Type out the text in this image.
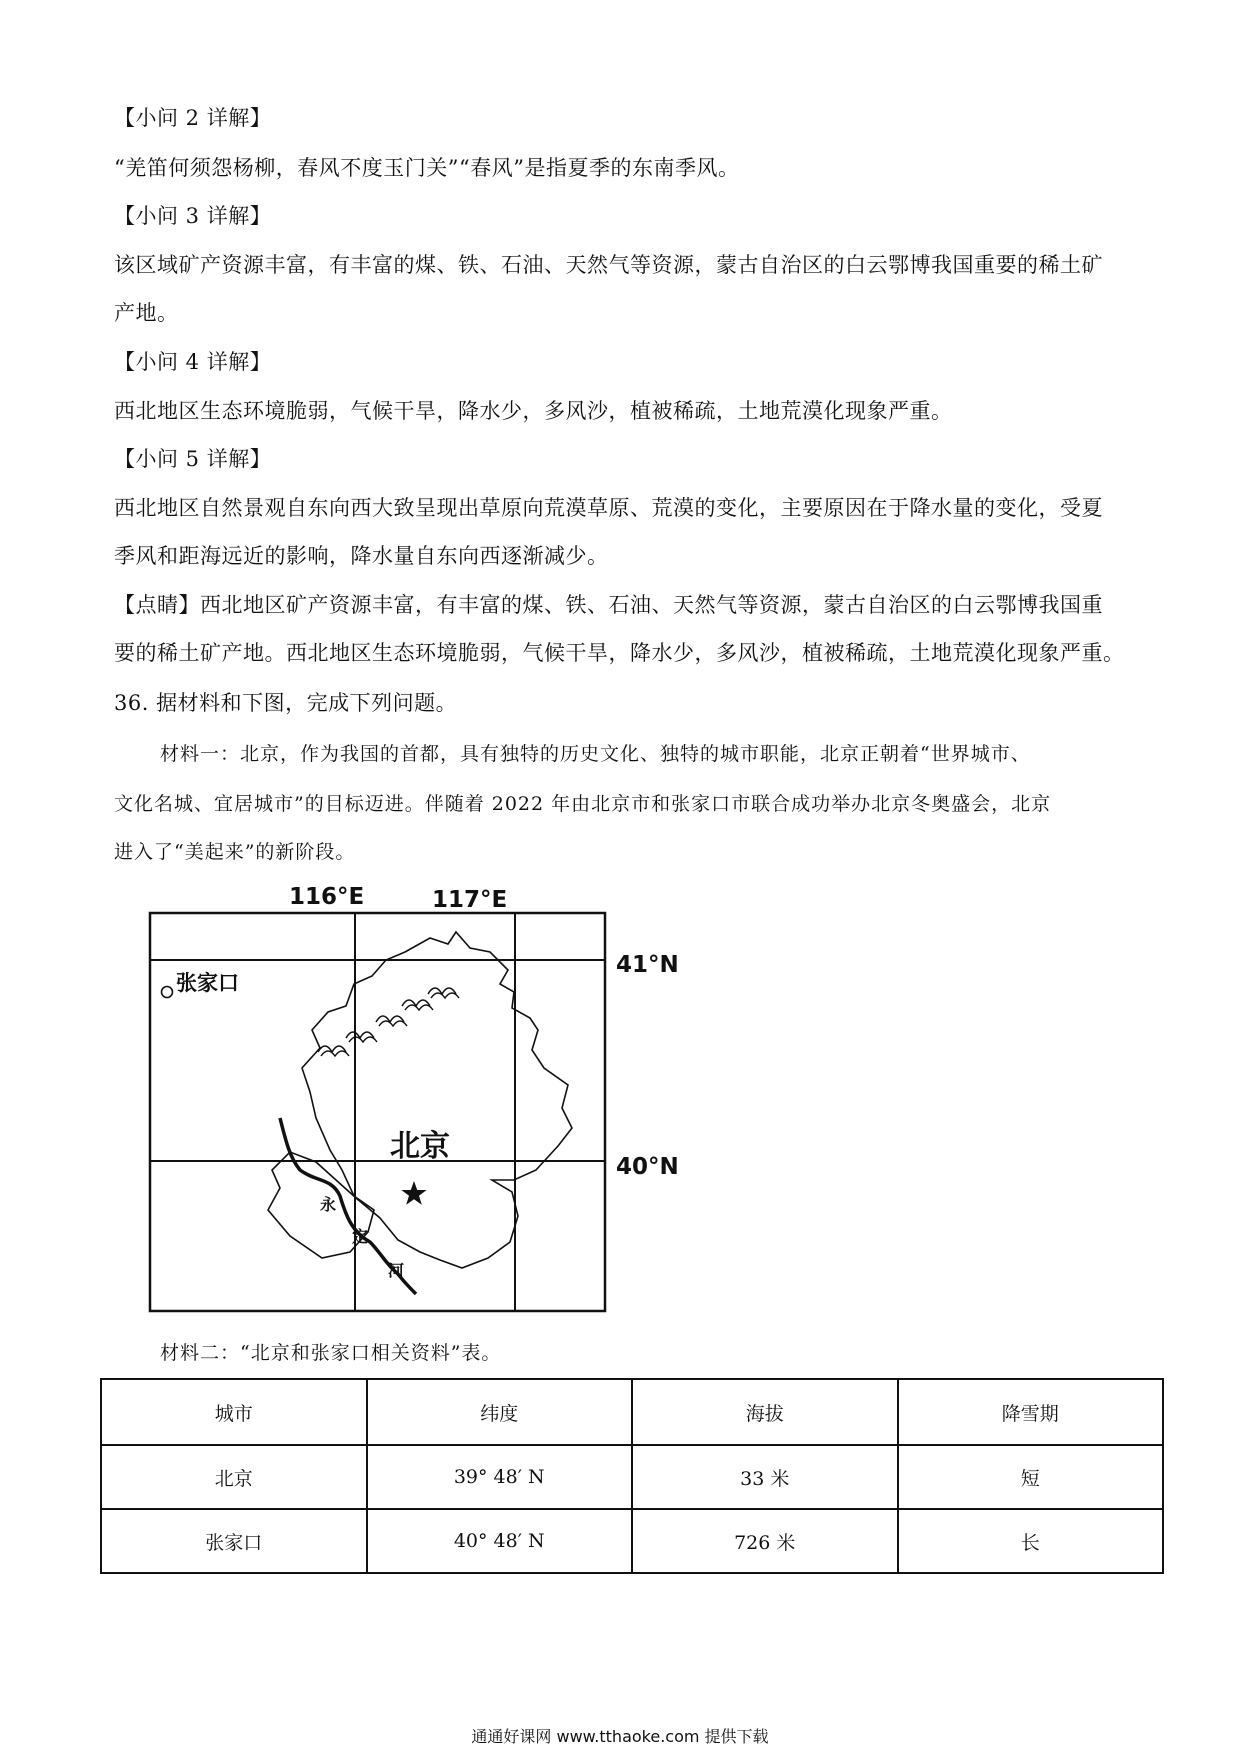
【小问 2 详解】
“羌笛何须怨杨柳，春风不度玉门关”“春风”是指夏季的东南季风。
【小问 3 详解】
该区域矿产资源丰富，有丰富的煤、铁、石油、天然气等资源，蒙古自治区的白云鄂博我国重要的稀土矿
产地。
【小问 4 详解】
西北地区生态环境脆弱，气候干旱，降水少，多风沙，植被稀疏，土地荒漠化现象严重。
【小问 5 详解】
西北地区自然景观自东向西大致呈现出草原向荒漠草原、荒漠的变化，主要原因在于降水量的变化，受夏
季风和距海远近的影响，降水量自东向西逐渐减少。
【点睛】西北地区矿产资源丰富，有丰富的煤、铁、石油、天然气等资源，蒙古自治区的白云鄂博我国重
要的稀土矿产地。西北地区生态环境脆弱，气候干旱，降水少，多风沙，植被稀疏，土地荒漠化现象严重。
36. 据材料和下图，完成下列问题。
材料一：北京，作为我国的首都，具有独特的历史文化、独特的城市职能，北京正朝着“世界城市、
文化名城、宜居城市”的目标迈进。伴随着 2022 年由北京市和张家口市联合成功举办北京冬奥盛会，北京
进入了“美起来”的新阶段。
116°E	117°E
41°N
40°N
张家口
北京
永
定
河
材料二：“北京和张家口相关资料”表。
城市	纬度	海拔	降雪期
北京	39° 48′ N	33 米	短
张家口	40° 48′ N	726 米	长
通通好课网 www.tthaoke.com 提供下载
